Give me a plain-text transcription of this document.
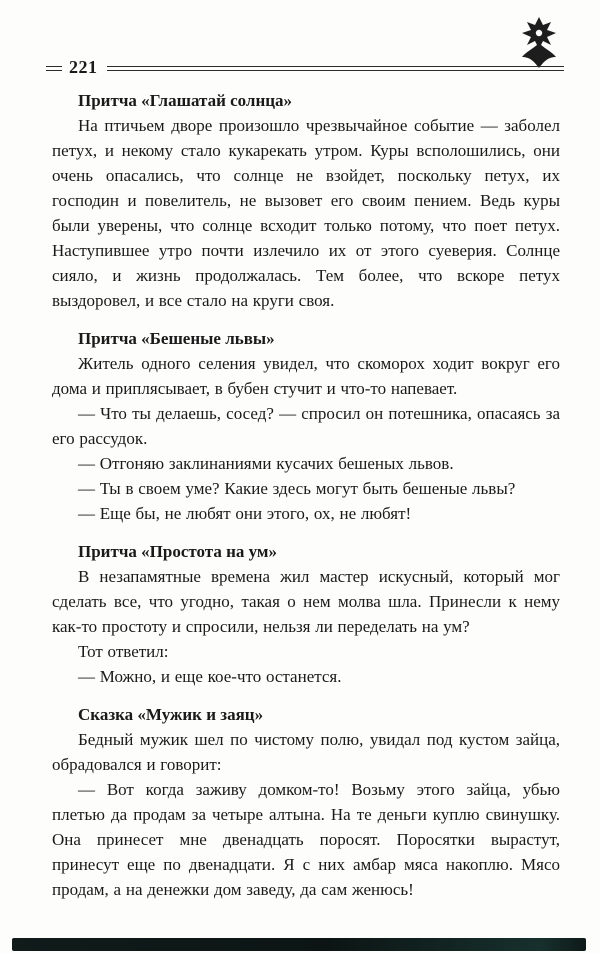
221
Притча «Глашатай солнца»

На птичьем дворе произошло чрезвычайное событие — заболел петух, и некому стало кукарекать утром. Куры всполошились, они очень опасались, что солнце не взойдет, поскольку петух, их господин и повелитель, не вызовет его своим пением. Ведь куры были уверены, что солнце всходит только потому, что поет петух. Наступившее утро почти излечило их от этого суеверия. Солнце сияло, и жизнь продолжалась. Тем более, что вскоре петух выздоровел, и все стало на круги своя.

Притча «Бешеные львы»

Житель одного селения увидел, что скоморох ходит вокруг его дома и приплясывает, в бубен стучит и что-то напевает.

— Что ты делаешь, сосед? — спросил он потешника, опасаясь за его рассудок.

— Отгоняю заклинаниями кусачих бешеных львов.

— Ты в своем уме? Какие здесь могут быть бешеные львы?

— Еще бы, не любят они этого, ох, не любят!

Притча «Простота на ум»

В незапамятные времена жил мастер искусный, который мог сделать все, что угодно, такая о нем молва шла. Принесли к нему как-то простоту и спросили, нельзя ли переделать на ум?

Тот ответил:

— Можно, и еще кое-что останется.

Сказка «Мужик и заяц»

Бедный мужик шел по чистому полю, увидал под кустом зайца, обрадовался и говорит:

— Вот когда заживу домком-то! Возьму этого зайца, убью плетью да продам за четыре алтына. На те деньги куплю свинушку. Она принесет мне двенадцать поросят. Поросятки вырастут, принесут еще по двенадцати. Я с них амбар мяса накоплю. Мясо продам, а на денежки дом заведу, да сам женюсь!
